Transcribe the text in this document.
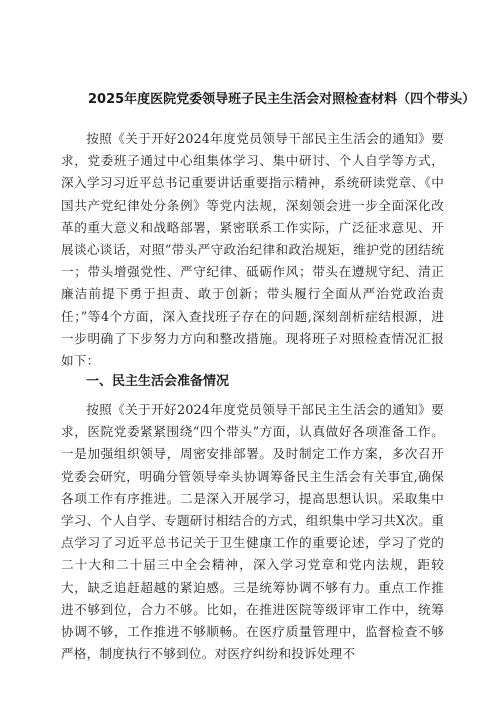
2025年度医院党委领导班子民主生活会对照检查材料（四个带头）

按照《关于开好2024年度党员领导干部民主生活会的通知》要求，党委班子通过中心组集体学习、集中研讨、个人自学等方式，深入学习习近平总书记重要讲话重要指示精神，系统研读党章、《中国共产党纪律处分条例》等党内法规，深刻领会进一步全面深化改革的重大意义和战略部署，紧密联系工作实际，广泛征求意见、开展谈心谈话，对照“带头严守政治纪律和政治规矩，维护党的团结统一；带头增强党性、严守纪律、砥砺作风；带头在遵规守纪、清正廉洁前提下勇于担责、敢于创新；带头履行全面从严治党政治责任；”等4个方面，深入查找班子存在的问题,深刻剖析症结根源，进一步明确了下步努力方向和整改措施。现将班子对照检查情况汇报如下：

一、民主生活会准备情况

按照《关于开好2024年度党员领导干部民主生活会的通知》要求，医院党委紧紧围绕“四个带头”方面，认真做好各项准备工作。一是加强组织领导，周密安排部署。及时制定工作方案，多次召开党委会研究，明确分管领导牵头协调筹备民主生活会有关事宜,确保各项工作有序推进。二是深入开展学习，提高思想认识。采取集中学习、个人自学、专题研讨相结合的方式，组织集中学习共X次。重点学习了习近平总书记关于卫生健康工作的重要论述，学习了党的二十大和二十届三中全会精神，深入学习党章和党内法规，距较大，缺乏追赶超越的紧迫感。三是统筹协调不够有力。重点工作推进不够到位，合力不够。比如，在推进医院等级评审工作中，统筹协调不够，工作推进不够顺畅。在医疗质量管理中，监督检查不够严格，制度执行不够到位。对医疗纠纷和投诉处理不
